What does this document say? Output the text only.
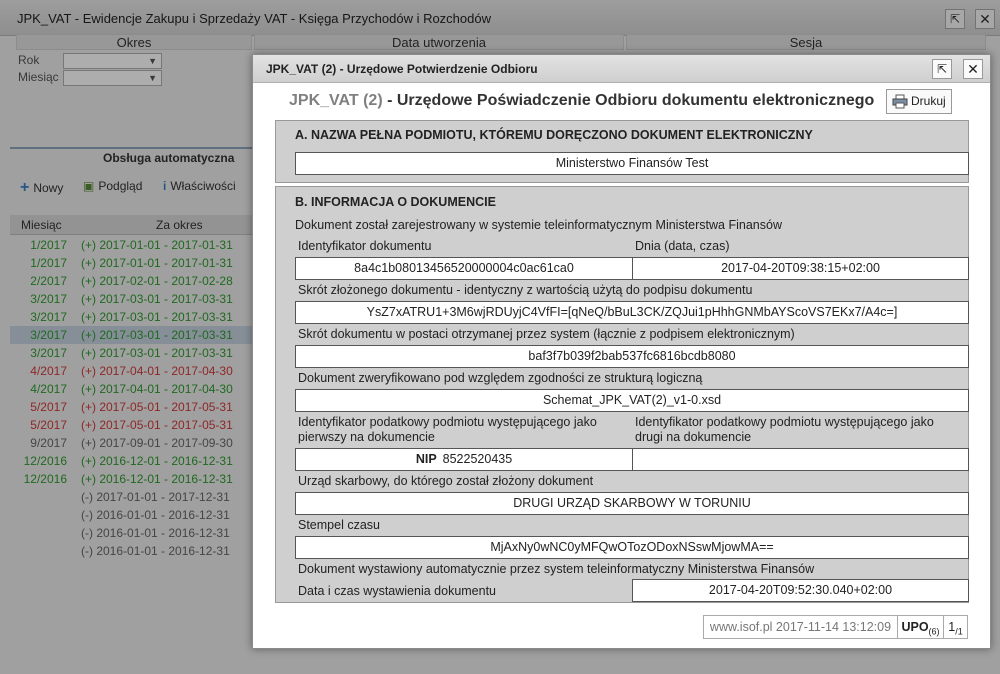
JPK_VAT - Ewidencje Zakupu i Sprzedaży VAT - Księga Przychodów i Rozchodów	⇱	✕
Okres	Data utworzenia	Sesja
Rok	▼
Miesiąc	▼
Obsługa automatyczna
+ Nowy ▣ Podgląd i Właściwości
Miesiąc	Za okres
1/2017 (+) 2017-01-01 - 2017-01-31
1/2017 (+) 2017-01-01 - 2017-01-31
2/2017 (+) 2017-02-01 - 2017-02-28
3/2017 (+) 2017-03-01 - 2017-03-31
3/2017 (+) 2017-03-01 - 2017-03-31
3/2017 (+) 2017-03-01 - 2017-03-31
3/2017 (+) 2017-03-01 - 2017-03-31
4/2017 (+) 2017-04-01 - 2017-04-30
4/2017 (+) 2017-04-01 - 2017-04-30
5/2017 (+) 2017-05-01 - 2017-05-31
5/2017 (+) 2017-05-01 - 2017-05-31
9/2017 (+) 2017-09-01 - 2017-09-30
12/2016 (+) 2016-12-01 - 2016-12-31
12/2016 (+) 2016-12-01 - 2016-12-31
(-) 2017-01-01 - 2017-12-31
(-) 2016-01-01 - 2016-12-31
(-) 2016-01-01 - 2016-12-31
(-) 2016-01-01 - 2016-12-31
JPK_VAT (2) - Urzędowe Potwierdzenie Odbioru	⇱	✕
JPK_VAT (2) - Urzędowe Poświadczenie Odbioru dokumentu elektronicznego	Drukuj
A. NAZWA PEŁNA PODMIOTU, KTÓREMU DORĘCZONO DOKUMENT ELEKTRONICZNY
Ministerstwo Finansów Test
B. INFORMACJA O DOKUMENCIE
Dokument został zarejestrowany w systemie teleinformatycznym Ministerstwa Finansów
Identyfikator dokumentu	Dnia (data, czas)
8a4c1b08013456520000004c0ac61ca0	2017-04-20T09:38:15+02:00
Skrót złożonego dokumentu - identyczny z wartością użytą do podpisu dokumentu
YsZ7xATRU1+3M6wjRDUyjC4VfFI=[qNeQ/bBuL3CK/ZQJui1pHhhGNMbAYScoVS7EKx7/A4c=]
Skrót dokumentu w postaci otrzymanej przez system (łącznie z podpisem elektronicznym)
baf3f7b039f2bab537fc6816bcdb8080
Dokument zweryfikowano pod względem zgodności ze strukturą logiczną
Schemat_JPK_VAT(2)_v1-0.xsd
Identyfikator podatkowy podmiotu występującego jako pierwszy na dokumencie
Identyfikator podatkowy podmiotu występującego jako drugi na dokumencie
NIP 8522520435
Urząd skarbowy, do którego został złożony dokument
DRUGI URZĄD SKARBOWY W TORUNIU
Stempel czasu
MjAxNy0wNC0yMFQwOTozODoxNSswMjowMA==
Dokument wystawiony automatycznie przez system teleinformatyczny Ministerstwa Finansów
Data i czas wystawienia dokumentu	2017-04-20T09:52:30.040+02:00
www.isof.pl 2017-11-14 13:12:09 $UPO_{(6)}$ $1_{/1}$
